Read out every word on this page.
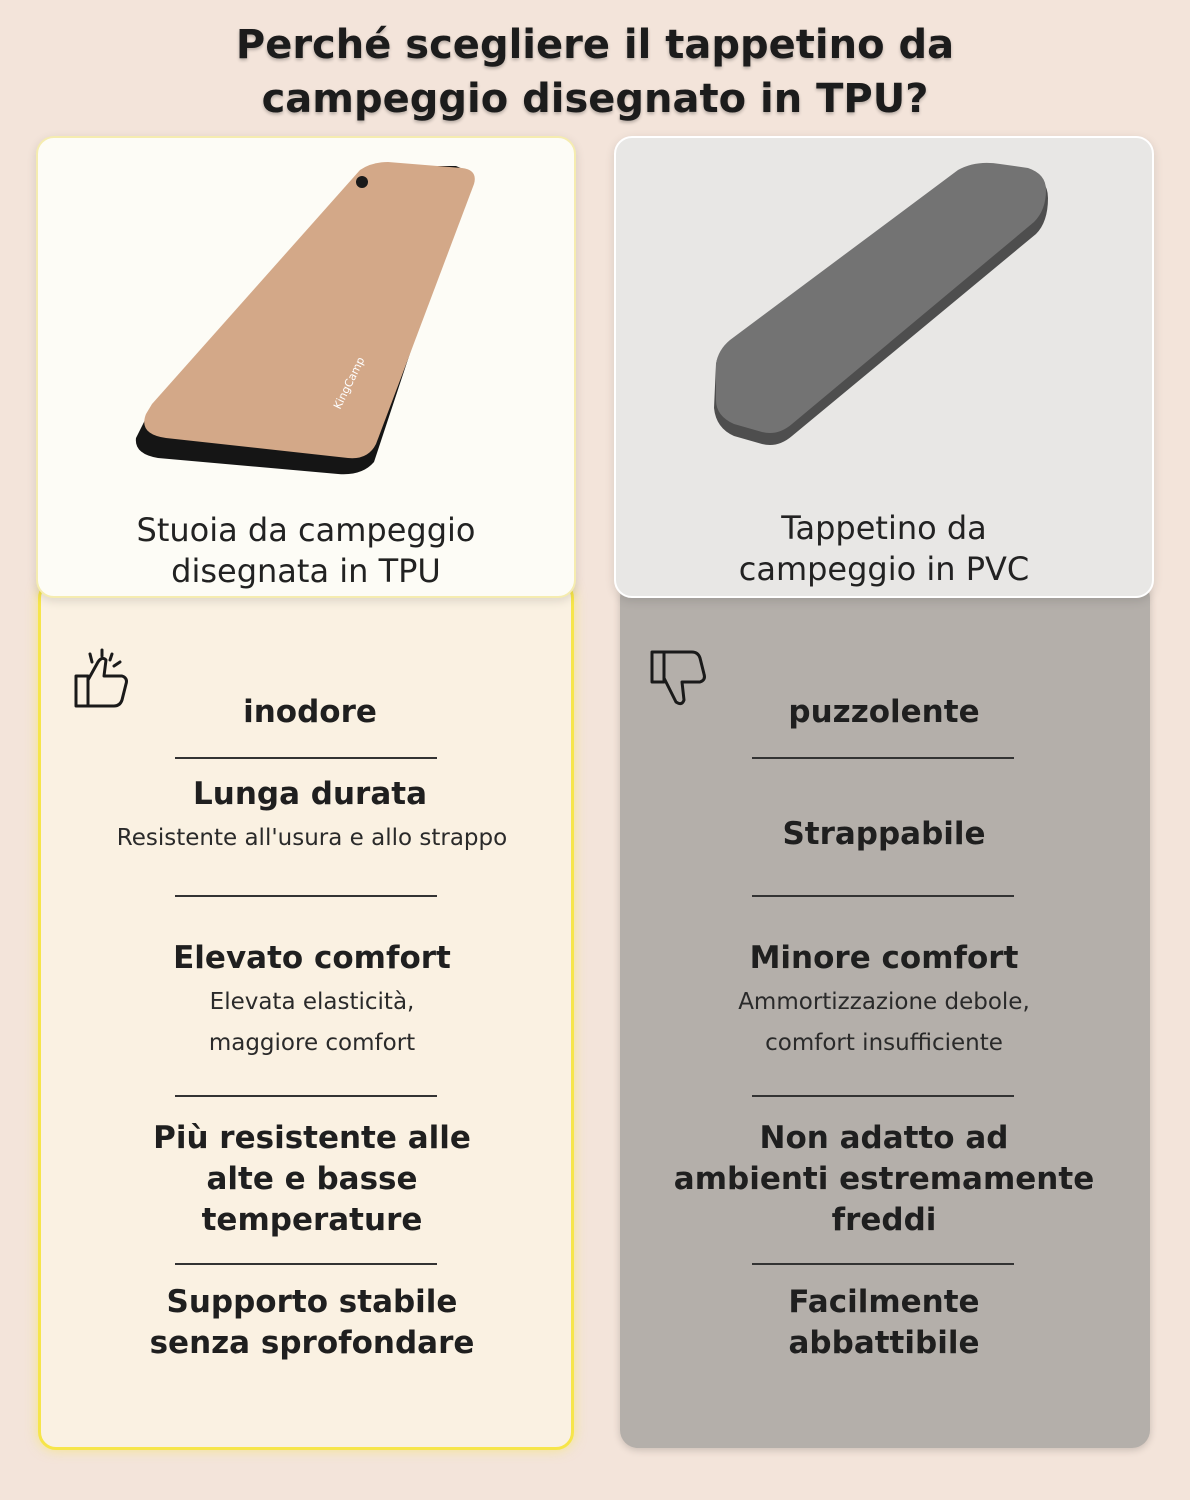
Perché scegliere il tappetino da
campeggio disegnato in TPU?
KingCamp
Stuoia da campeggio
disegnata in TPU
Tappetino da
campeggio in PVC
inodore
Lunga durata
Resistente all'usura e allo strappo
Elevato comfort
Elevata elasticità,
maggiore comfort
Più resistente alle
alte e basse
temperature
Supporto stabile
senza sprofondare
puzzolente
Strappabile
Minore comfort
Ammortizzazione debole,
comfort insufficiente
Non adatto ad
ambienti estremamente
freddi
Facilmente
abbattibile
